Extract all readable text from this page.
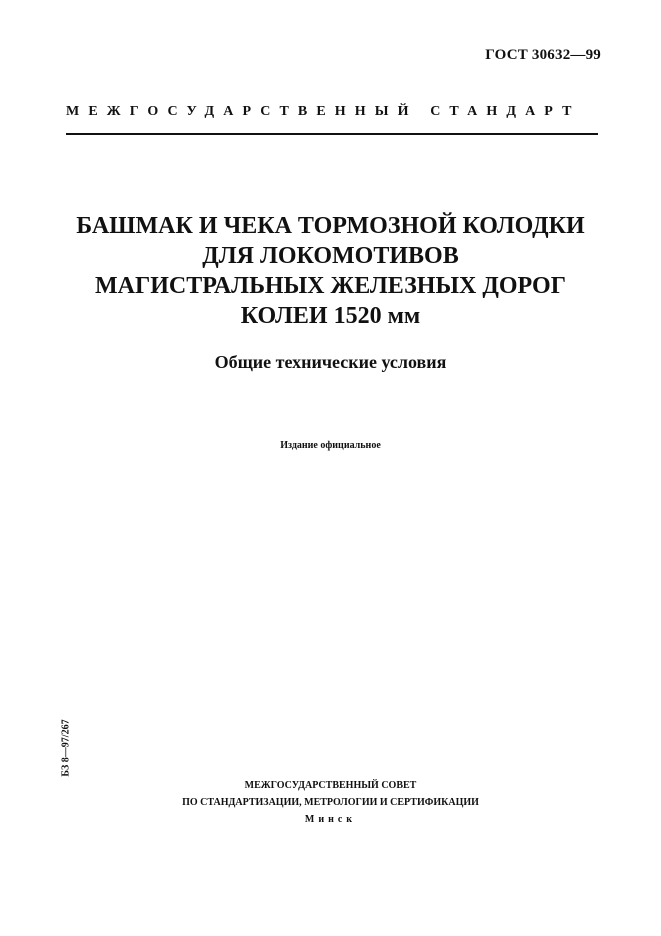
ГОСТ 30632—99
МЕЖГОСУДАРСТВЕННЫЙ СТАНДАРТ
БАШМАК И ЧЕКА ТОРМОЗНОЙ КОЛОДКИ
ДЛЯ ЛОКОМОТИВОВ
МАГИСТРАЛЬНЫХ ЖЕЛЕЗНЫХ ДОРОГ
КОЛЕИ 1520 мм
Общие технические условия
Издание официальное
БЗ 8—97/267
МЕЖГОСУДАРСТВЕННЫЙ СОВЕТ
ПО СТАНДАРТИЗАЦИИ, МЕТРОЛОГИИ И СЕРТИФИКАЦИИ
Минск
